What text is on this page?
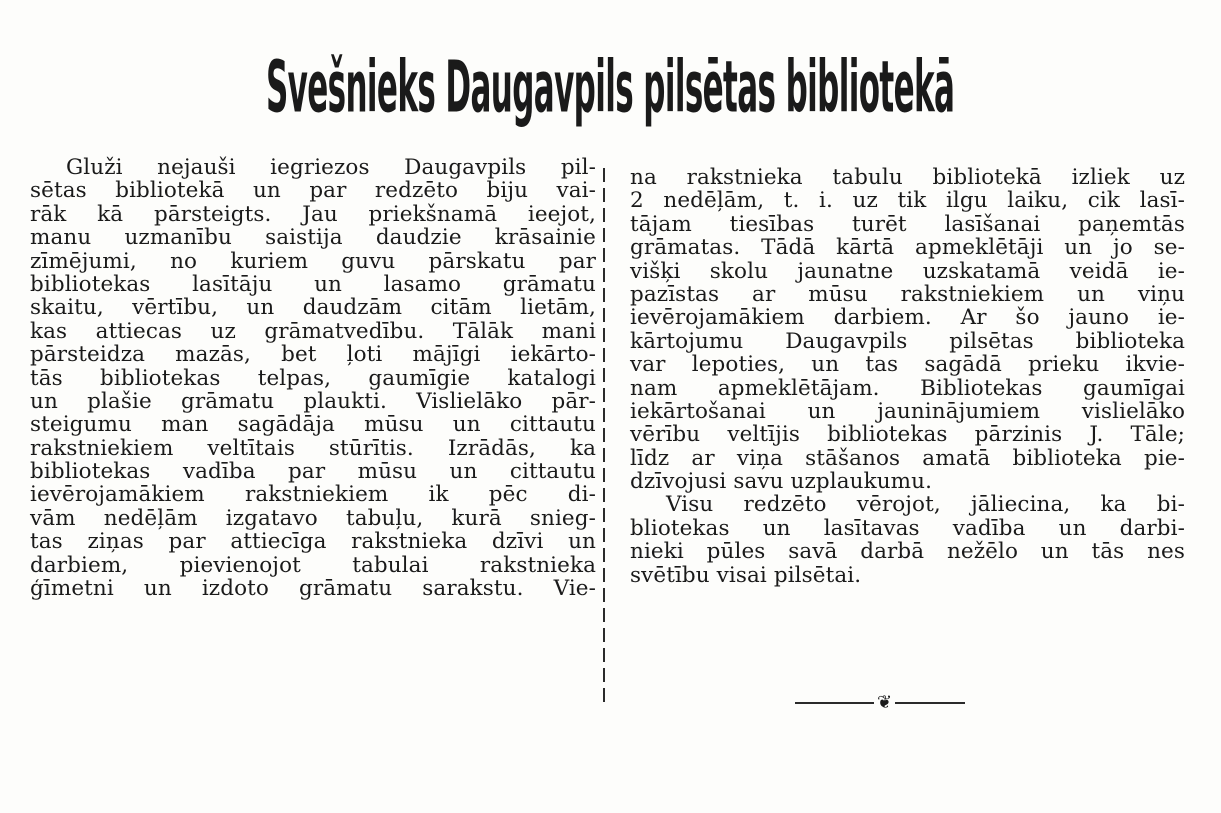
Svešnieks Daugavpils pilsētas bibliotekā
Gluži nejauši iegriezos Daugavpils pil-
sētas bibliotekā un par redzēto biju vai-
rāk kā pārsteigts. Jau priekšnamā ieejot,
manu uzmanību saistija daudzie krāsainie
zīmējumi, no kuriem guvu pārskatu par
bibliotekas lasītāju un lasamo grāmatu
skaitu, vērtību, un daudzām citām lietām,
kas attiecas uz grāmatvedību. Tālāk mani
pārsteidza mazās, bet ļoti mājīgi iekārto-
tās bibliotekas telpas, gaumīgie katalogi
un plašie grāmatu plaukti. Vislielāko pār-
steigumu man sagādāja mūsu un cittautu
rakstniekiem veltītais stūrītis. Izrādās, ka
bibliotekas vadība par mūsu un cittautu
ievērojamākiem rakstniekiem ik pēc di-
vām nedēļām izgatavo tabuļu, kurā snieg-
tas ziņas par attiecīga rakstnieka dzīvi un
darbiem, pievienojot tabulai rakstnieka
ģīmetni un izdoto grāmatu sarakstu. Vie-
na rakstnieka tabulu bibliotekā izliek uz
2 nedēļām, t. i. uz tik ilgu laiku, cik lasī-
tājam tiesības turēt lasīšanai paņemtās
grāmatas. Tādā kārtā apmeklētāji un jo se-
višķi skolu jaunatne uzskatamā veidā ie-
pazīstas ar mūsu rakstniekiem un viņu
ievērojamākiem darbiem. Ar šo jauno ie-
kārtojumu Daugavpils pilsētas biblioteka
var lepoties, un tas sagādā prieku ikvie-
nam apmeklētājam. Bibliotekas gaumīgai
iekārtošanai un jauninājumiem vislielāko
vērību veltījis bibliotekas pārzinis J. Tāle;
līdz ar viņa stāšanos amatā biblioteka pie-
dzīvojusi savu uzplaukumu.
Visu redzēto vērojot, jāliecina, ka bi-
bliotekas un lasītavas vadība un darbi-
nieki pūles savā darbā nežēlo un tās nes
svētību visai pilsētai.
❦
